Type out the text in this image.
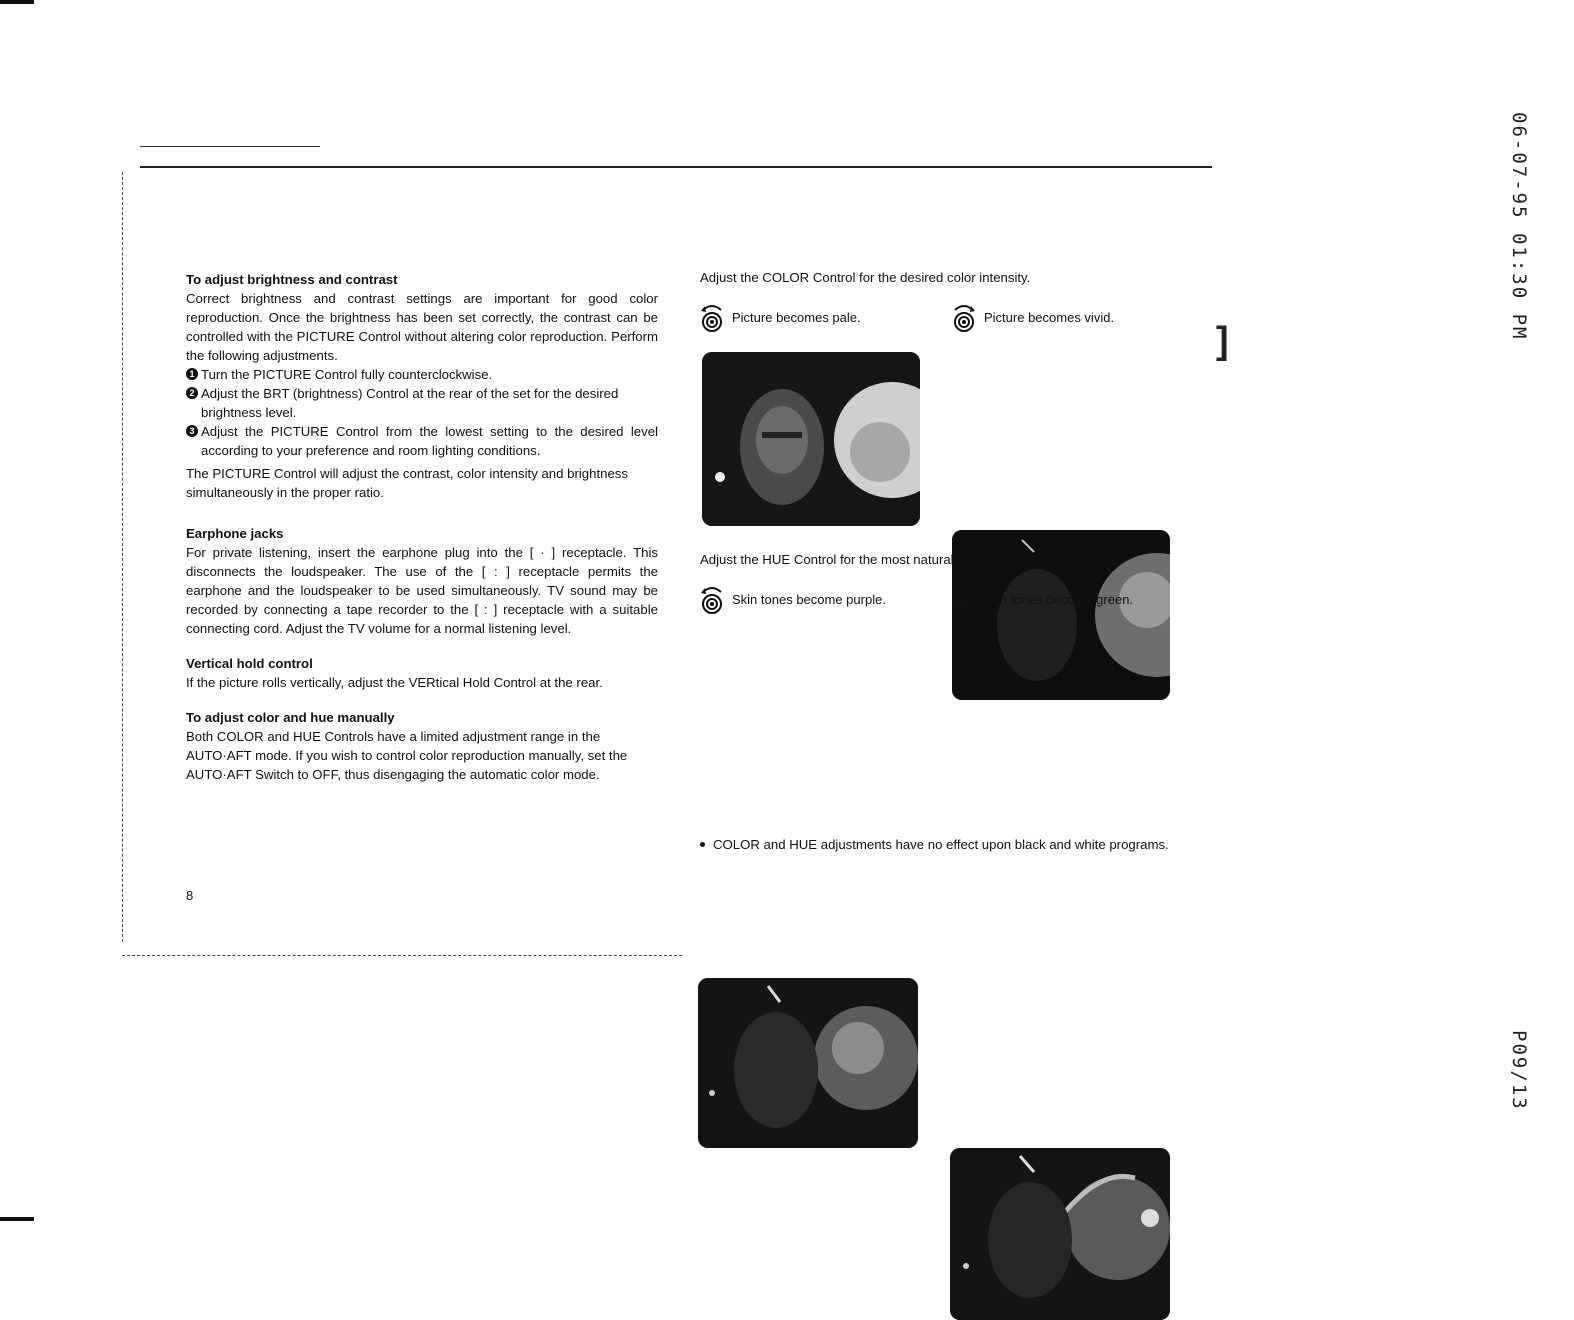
06-07-95 01:30 PM
P09/13
]

To adjust brightness and contrast

Correct brightness and contrast settings are important for good color reproduction. Once the brightness has been set correctly, the contrast can be controlled with the PICTURE Control without altering color reproduction. Perform the following adjustments.

1 Turn the PICTURE Control fully counterclockwise.
2 Adjust the BRT (brightness) Control at the rear of the set for the desired brightness level.
3 Adjust the PICTURE Control from the lowest setting to the desired level according to your preference and room lighting conditions.

The PICTURE Control will adjust the contrast, color intensity and brightness simultaneously in the proper ratio.

Earphone jacks

For private listening, insert the earphone plug into the [ · ] receptacle. This disconnects the loudspeaker. The use of the [ : ] receptacle permits the earphone and the loudspeaker to be used simultaneously. TV sound may be recorded by connecting a tape recorder to the [ : ] receptacle with a suitable connecting cord. Adjust the TV volume for a normal listening level.

Vertical hold control

If the picture rolls vertically, adjust the VERtical Hold Control at the rear.

To adjust color and hue manually

Both COLOR and HUE Controls have a limited adjustment range in the AUTO·AFT mode. If you wish to control color reproduction manually, set the AUTO·AFT Switch to OFF, thus disengaging the automatic color mode.

8
Adjust the COLOR Control for the desired color intensity.
Picture becomes pale.	Picture becomes vivid.
Adjust the HUE Control for the most natural skin tones.
Skin tones become purple.	Skin tones become green.
COLOR and HUE adjustments have no effect upon black and white programs.
